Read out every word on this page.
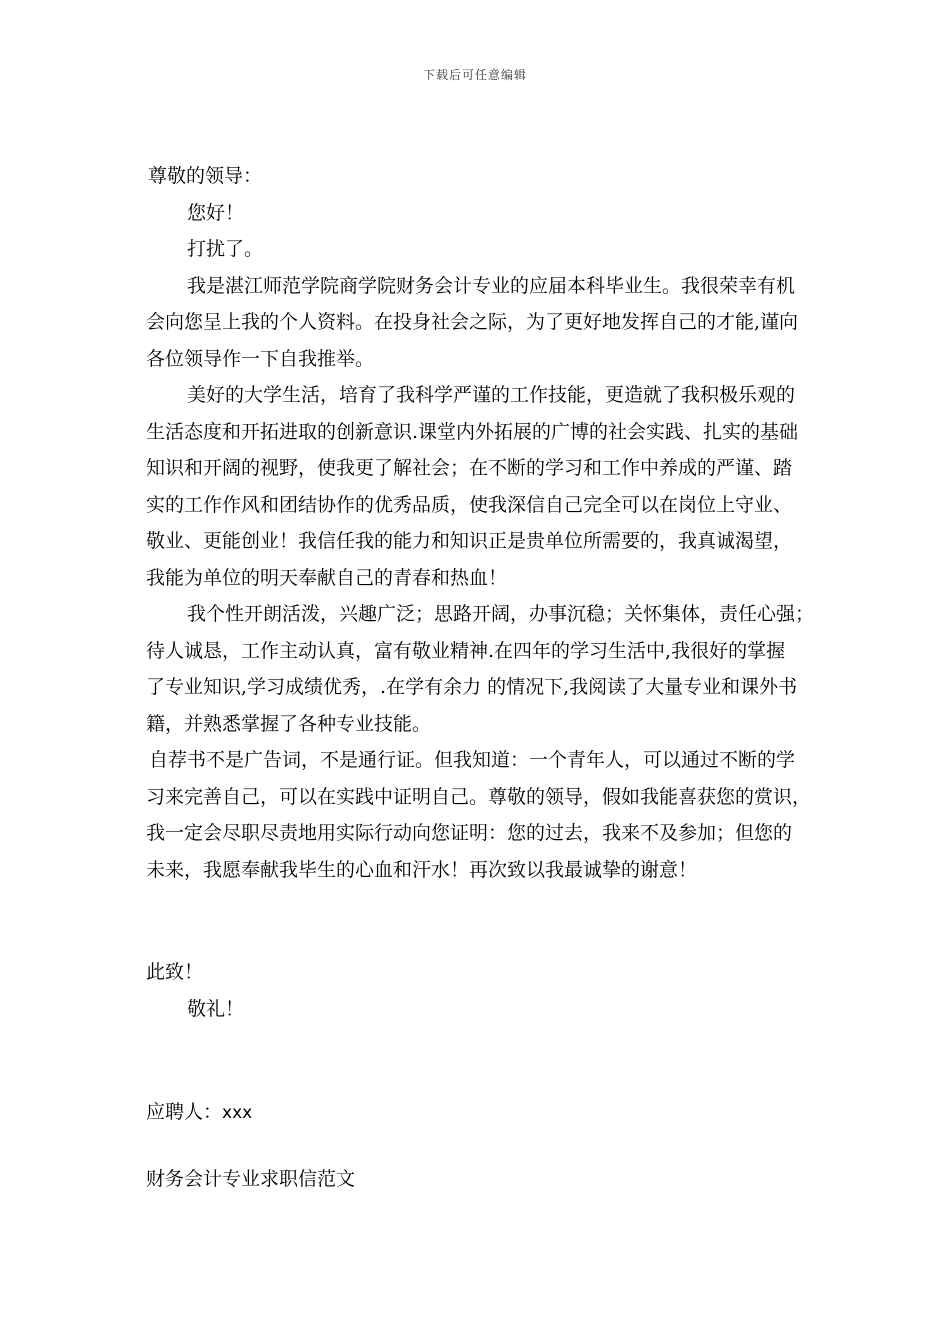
下载后可任意编辑
尊敬的领导：
您好！
打扰了。
我是湛江师范学院商学院财务会计专业的应届本科毕业生。我很荣幸有机
会向您呈上我的个人资料。在投身社会之际，为了更好地发挥自己的才能,谨向
各位领导作一下自我推举。
美好的大学生活，培育了我科学严谨的工作技能，更造就了我积极乐观的
生活态度和开拓进取的创新意识.课堂内外拓展的广博的社会实践、扎实的基础
知识和开阔的视野，使我更了解社会；在不断的学习和工作中养成的严谨、踏
实的工作作风和团结协作的优秀品质，使我深信自己完全可以在岗位上守业、
敬业、更能创业！我信任我的能力和知识正是贵单位所需要的，我真诚渴望，
我能为单位的明天奉献自己的青春和热血！
我个性开朗活泼，兴趣广泛；思路开阔，办事沉稳；关怀集体，责任心强；
待人诚恳，工作主动认真，富有敬业精神.在四年的学习生活中,我很好的掌握
了专业知识,学习成绩优秀，.在学有余力 的情况下,我阅读了大量专业和课外书
籍，并熟悉掌握了各种专业技能。
自荐书不是广告词，不是通行证。但我知道：一个青年人，可以通过不断的学
习来完善自己，可以在实践中证明自己。尊敬的领导，假如我能喜获您的赏识，
我一定会尽职尽责地用实际行动向您证明：您的过去，我来不及参加；但您的
未来，我愿奉献我毕生的心血和汗水！再次致以我最诚挚的谢意！
此致！
敬礼！
应聘人：xxx
财务会计专业求职信范文
